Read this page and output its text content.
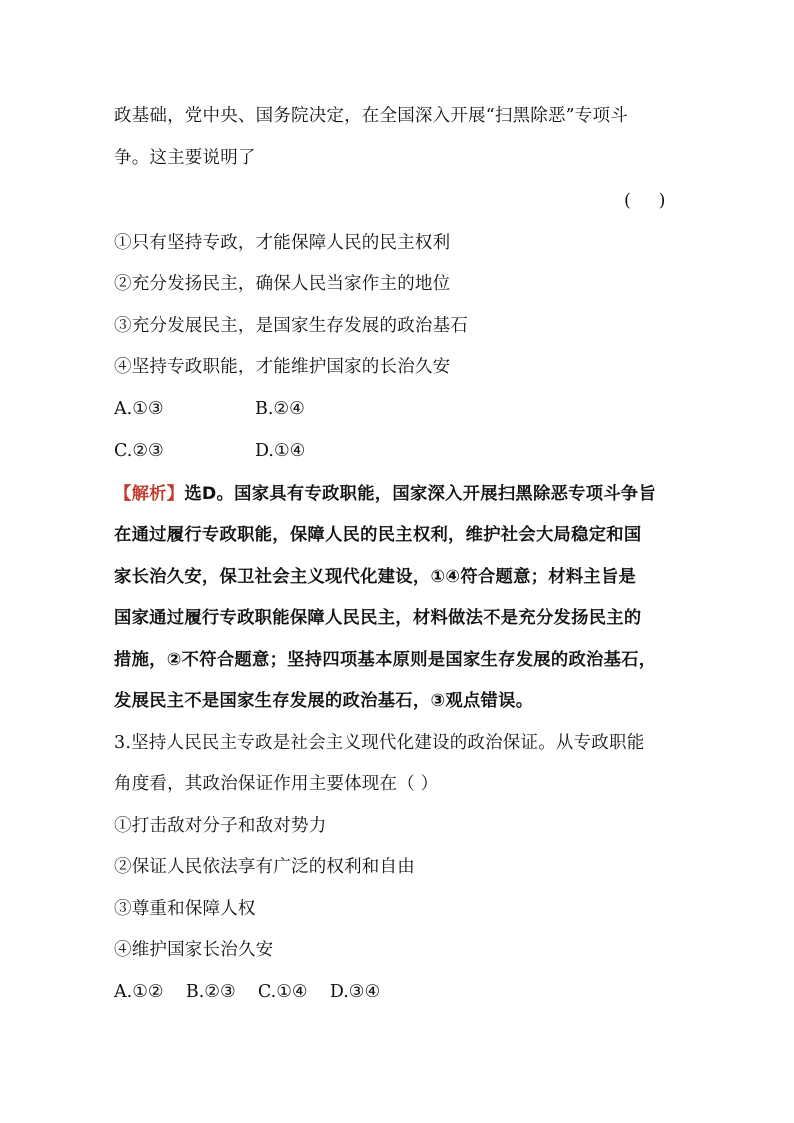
政基础，党中央、国务院决定，在全国深入开展“扫黑除恶”专项斗
争。这主要说明了
(     )
①只有坚持专政，才能保障人民的民主权利
②充分发扬民主，确保人民当家作主的地位
③充分发展民主，是国家生存发展的政治基石
④坚持专政职能，才能维护国家的长治久安
A.①③	B.②④
C.②③	D.①④
【解析】选D。国家具有专政职能，国家深入开展扫黑除恶专项斗争旨
在通过履行专政职能，保障人民的民主权利，维护社会大局稳定和国
家长治久安，保卫社会主义现代化建设，①④符合题意；材料主旨是
国家通过履行专政职能保障人民民主，材料做法不是充分发扬民主的
措施，②不符合题意；坚持四项基本原则是国家生存发展的政治基石，
发展民主不是国家生存发展的政治基石，③观点错误。
3.坚持人民民主专政是社会主义现代化建设的政治保证。从专政职能
角度看，其政治保证作用主要体现在（ ）
①打击敌对分子和敌对势力
②保证人民依法享有广泛的权利和自由
③尊重和保障人权
④维护国家长治久安
A.①②    B.②③    C.①④    D.③④
